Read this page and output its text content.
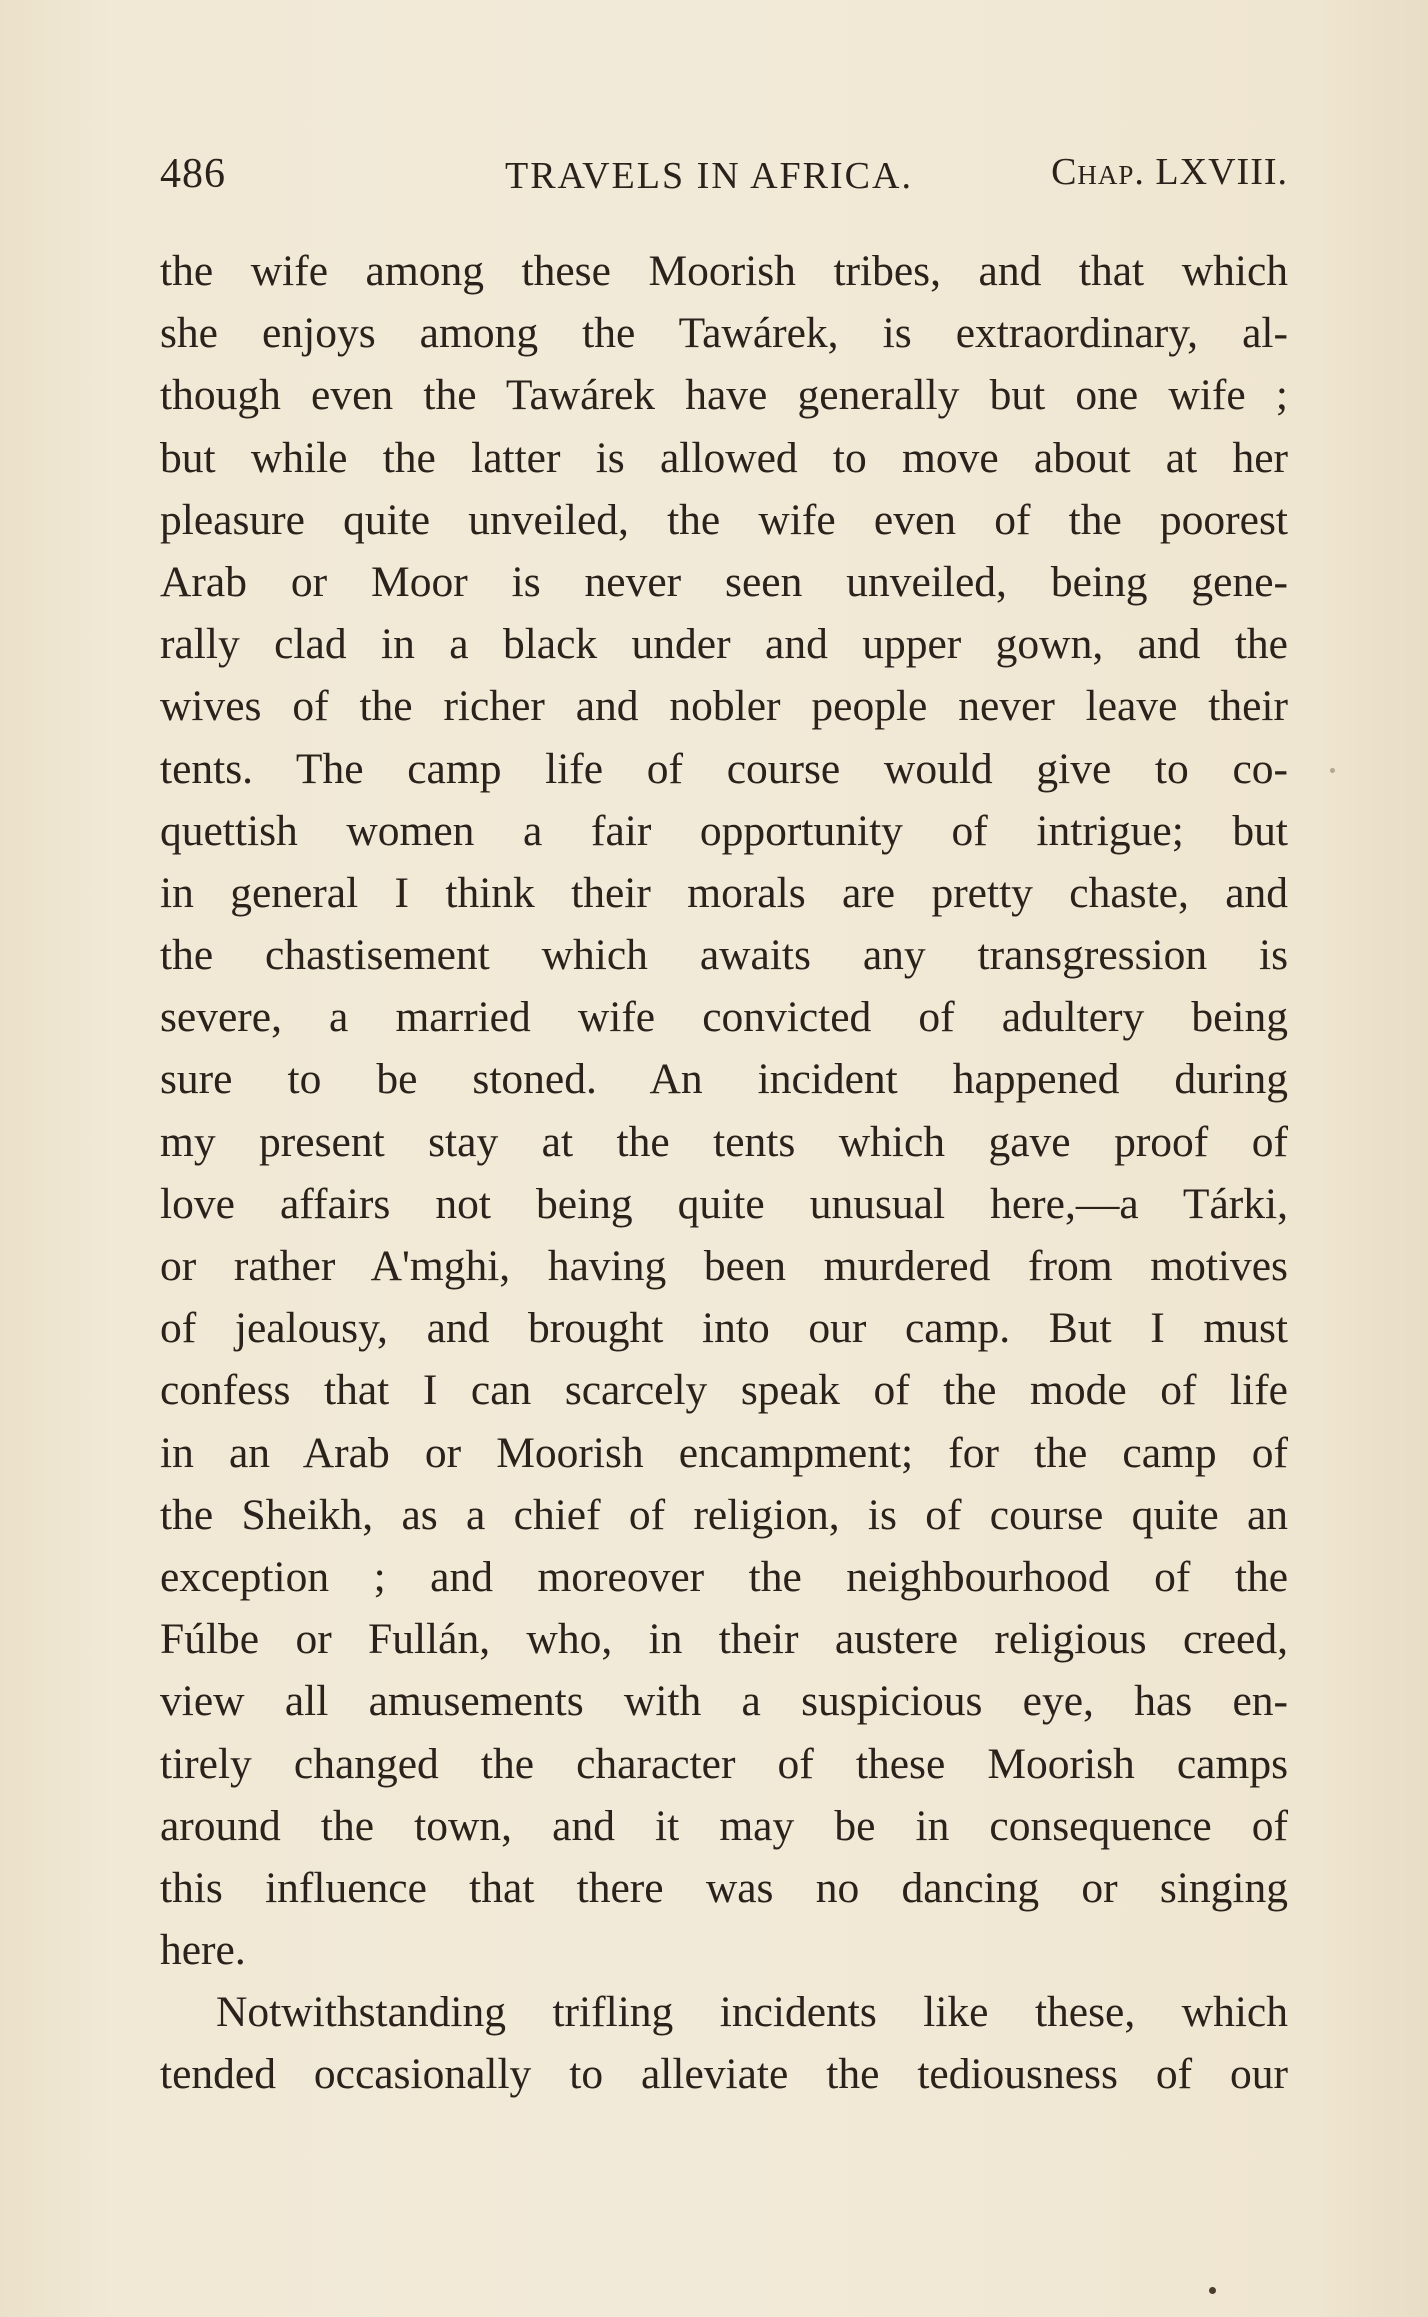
486	TRAVELS IN AFRICA.	Chap. LXVIII.
the wife among these Moorish tribes, and that which
she enjoys among the Tawárek, is extraordinary, al-
though even the Tawárek have generally but one wife ;
but while the latter is allowed to move about at her
pleasure quite unveiled, the wife even of the poorest
Arab or Moor is never seen unveiled, being gene-
rally clad in a black under and upper gown, and the
wives of the richer and nobler people never leave their
tents. The camp life of course would give to co-
quettish women a fair opportunity of intrigue; but
in general I think their morals are pretty chaste, and
the chastisement which awaits any transgression is
severe, a married wife convicted of adultery being
sure to be stoned. An incident happened during
my present stay at the tents which gave proof of
love affairs not being quite unusual here,—a Tárki,
or rather A'mghi, having been murdered from motives
of jealousy, and brought into our camp. But I must
confess that I can scarcely speak of the mode of life
in an Arab or Moorish encampment; for the camp of
the Sheikh, as a chief of religion, is of course quite an
exception ; and moreover the neighbourhood of the
Fúlbe or Fullán, who, in their austere religious creed,
view all amusements with a suspicious eye, has en-
tirely changed the character of these Moorish camps
around the town, and it may be in consequence of
this influence that there was no dancing or singing
here.
Notwithstanding trifling incidents like these, which
tended occasionally to alleviate the tediousness of our
